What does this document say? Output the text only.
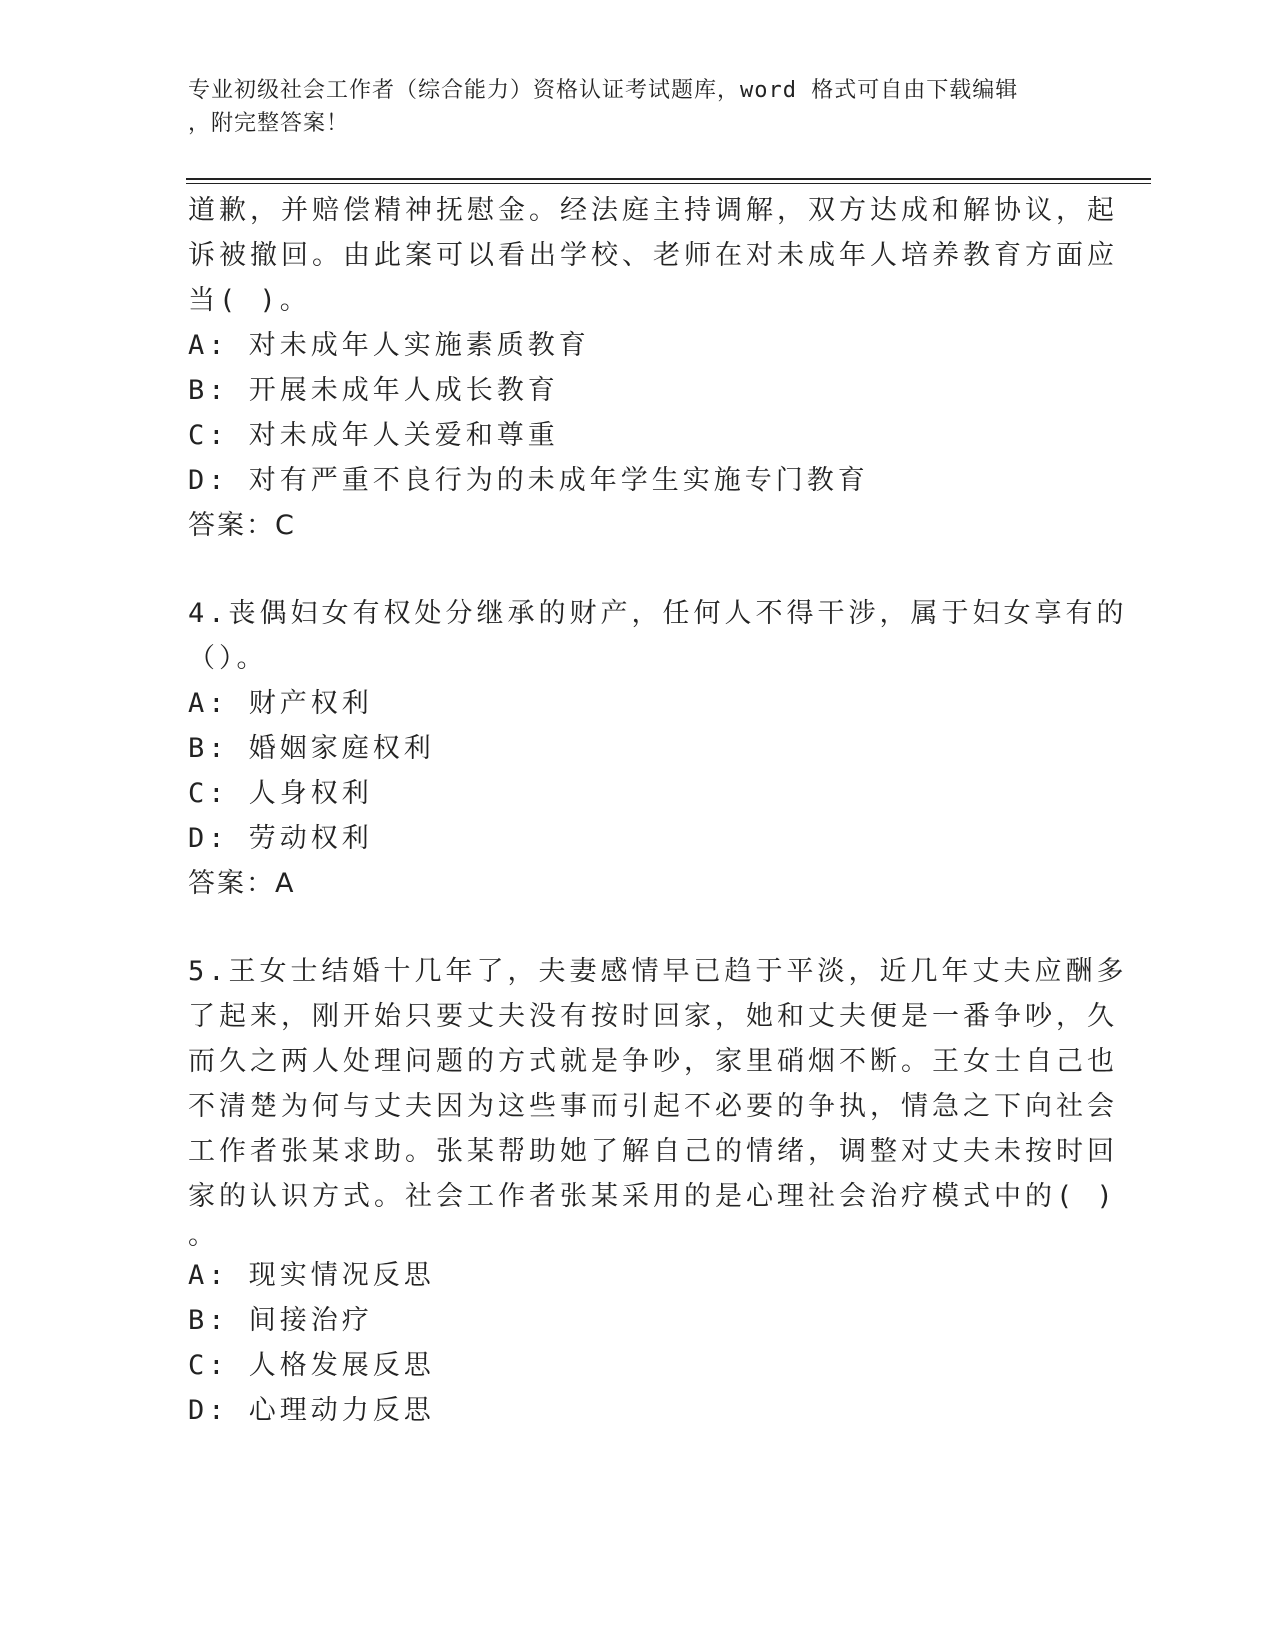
专业初级社会工作者（综合能力）资格认证考试题库，word 格式可自由下载编辑
，附完整答案！
道歉，并赔偿精神抚慰金。经法庭主持调解，双方达成和解协议，起
诉被撤回。由此案可以看出学校、老师在对未成年人培养教育方面应
当( )。
A: 对未成年人实施素质教育
B: 开展未成年人成长教育
C: 对未成年人关爱和尊重
D: 对有严重不良行为的未成年学生实施专门教育
答案：C
4.丧偶妇女有权处分继承的财产，任何人不得干涉，属于妇女享有的
（）。
A: 财产权利
B: 婚姻家庭权利
C: 人身权利
D: 劳动权利
答案：A
5.王女士结婚十几年了，夫妻感情早已趋于平淡，近几年丈夫应酬多
了起来，刚开始只要丈夫没有按时回家，她和丈夫便是一番争吵，久
而久之两人处理问题的方式就是争吵，家里硝烟不断。王女士自己也
不清楚为何与丈夫因为这些事而引起不必要的争执，情急之下向社会
工作者张某求助。张某帮助她了解自己的情绪，调整对丈夫未按时回
家的认识方式。社会工作者张某采用的是心理社会治疗模式中的( )
。
A: 现实情况反思
B: 间接治疗
C: 人格发展反思
D: 心理动力反思
